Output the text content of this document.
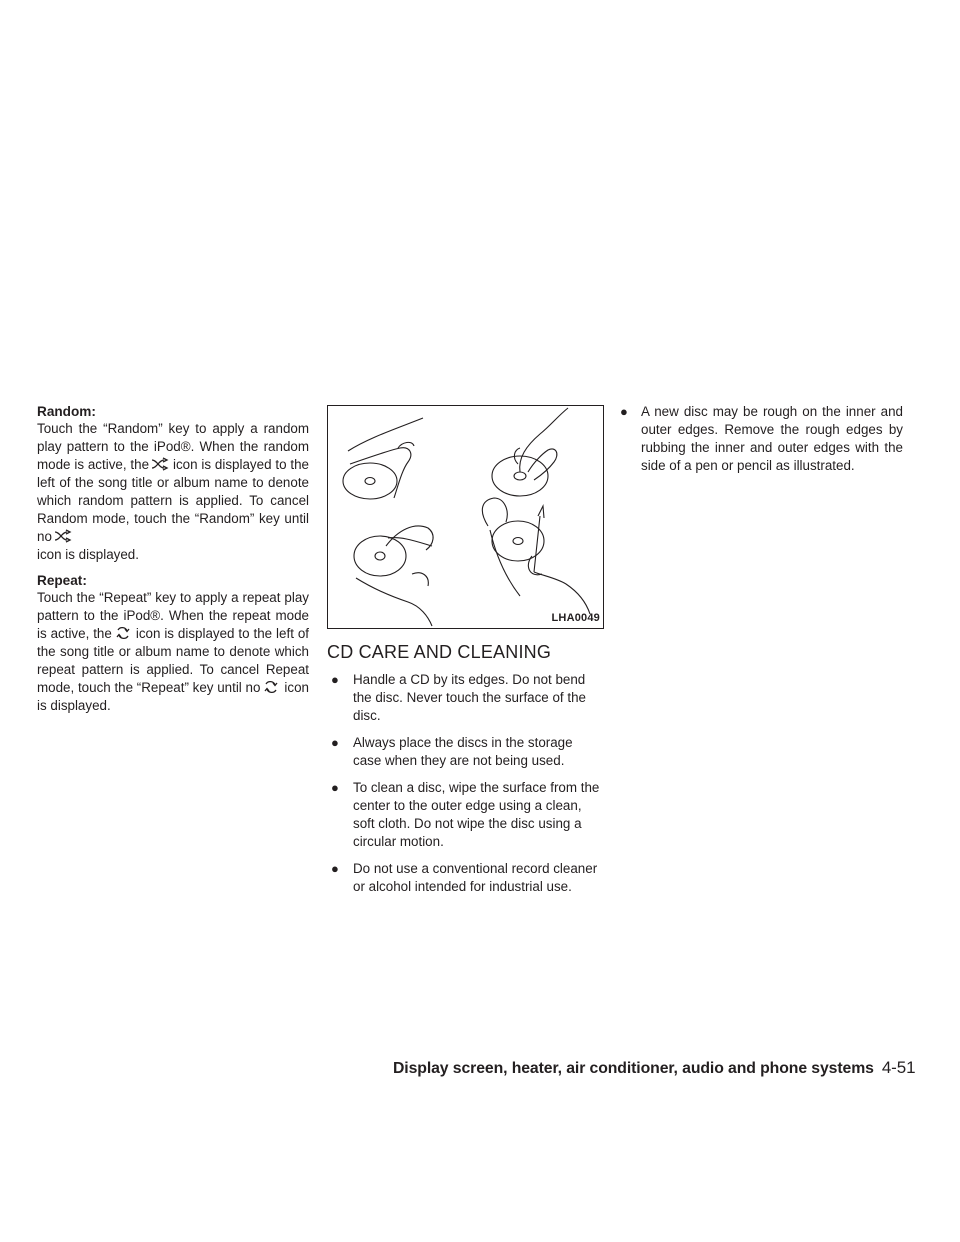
Random:

Touch the “Random” key to apply a random play pattern to the iPod®. When the random mode is active, the icon is displayed to the left of the song title or album name to denote which random pattern is applied. To cancel Random mode, touch the “Random” key until no

icon is displayed.

Repeat:

Touch the “Repeat” key to apply a repeat play pattern to the iPod®. When the repeat mode is active, the icon is displayed to the left of the song title or album name to denote which repeat pattern is applied. To cancel Repeat mode, touch the “Repeat” key until no icon is displayed.

LHA0049
CD CARE AND CLEANING
● Handle a CD by its edges. Do not bend the disc. Never touch the surface of the disc.
● Always place the discs in the storage case when they are not being used.
● To clean a disc, wipe the surface from the center to the outer edge using a clean, soft cloth. Do not wipe the disc using a circular motion.
● Do not use a conventional record cleaner or alcohol intended for industrial use.
● A new disc may be rough on the inner and outer edges. Remove the rough edges by rubbing the inner and outer edges with the side of a pen or pencil as illustrated.
Display screen, heater, air conditioner, audio and phone systems 4-51
